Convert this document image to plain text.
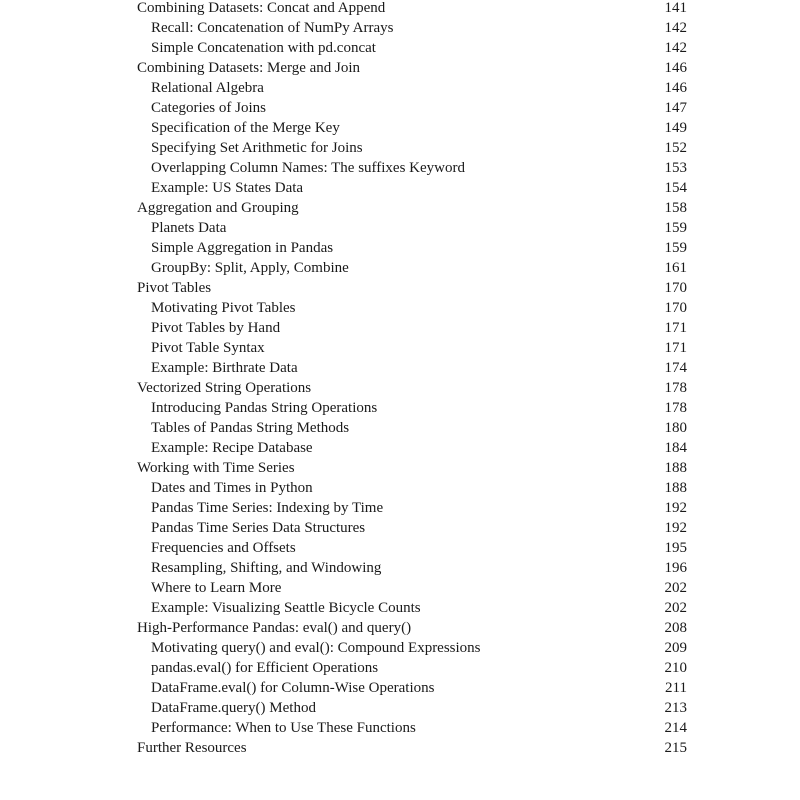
Combining Datasets: Concat and Append	141
Recall: Concatenation of NumPy Arrays	142
Simple Concatenation with pd.concat	142
Combining Datasets: Merge and Join	146
Relational Algebra	146
Categories of Joins	147
Specification of the Merge Key	149
Specifying Set Arithmetic for Joins	152
Overlapping Column Names: The suffixes Keyword	153
Example: US States Data	154
Aggregation and Grouping	158
Planets Data	159
Simple Aggregation in Pandas	159
GroupBy: Split, Apply, Combine	161
Pivot Tables	170
Motivating Pivot Tables	170
Pivot Tables by Hand	171
Pivot Table Syntax	171
Example: Birthrate Data	174
Vectorized String Operations	178
Introducing Pandas String Operations	178
Tables of Pandas String Methods	180
Example: Recipe Database	184
Working with Time Series	188
Dates and Times in Python	188
Pandas Time Series: Indexing by Time	192
Pandas Time Series Data Structures	192
Frequencies and Offsets	195
Resampling, Shifting, and Windowing	196
Where to Learn More	202
Example: Visualizing Seattle Bicycle Counts	202
High-Performance Pandas: eval() and query()	208
Motivating query() and eval(): Compound Expressions	209
pandas.eval() for Efficient Operations	210
DataFrame.eval() for Column-Wise Operations	211
DataFrame.query() Method	213
Performance: When to Use These Functions	214
Further Resources	215
